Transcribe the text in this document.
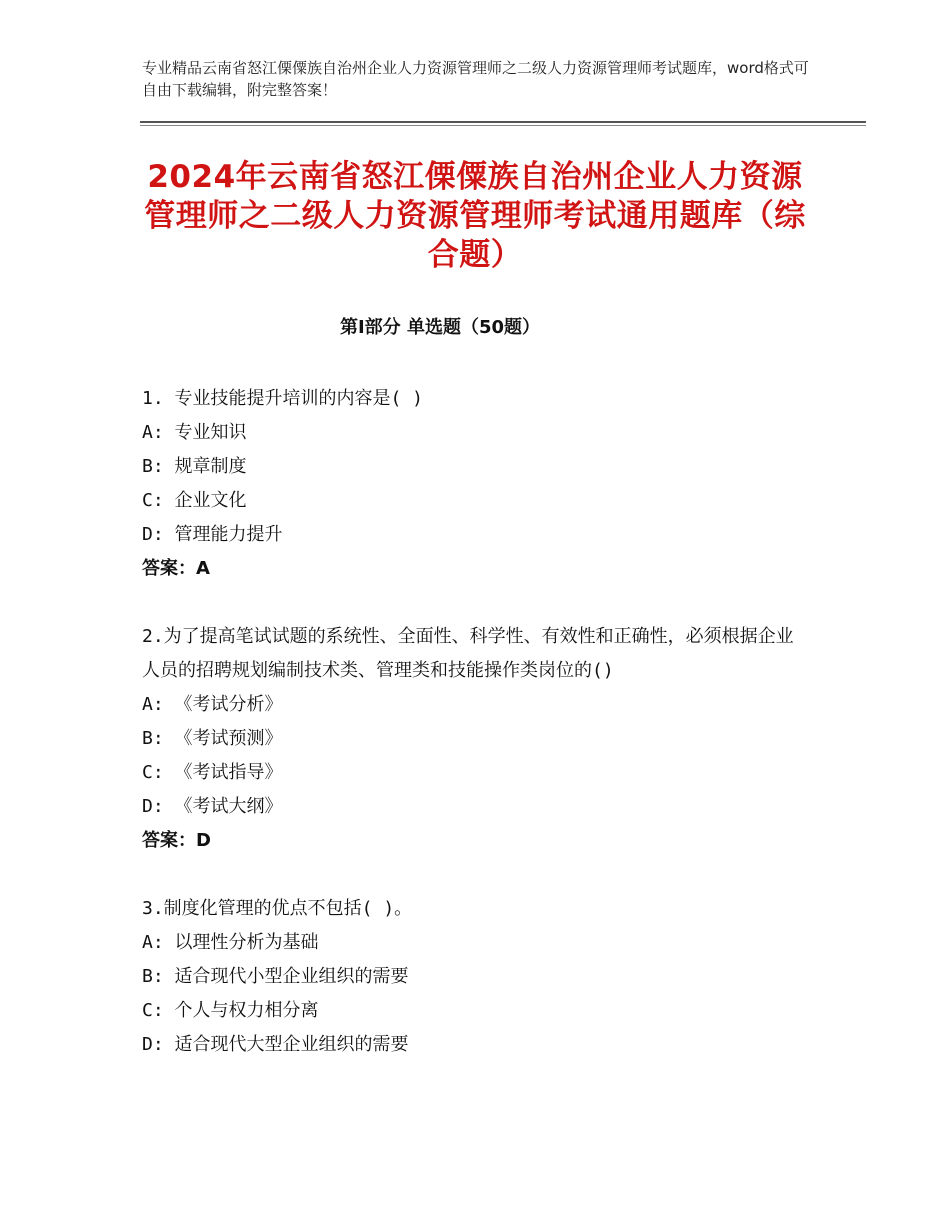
专业精品云南省怒江傈僳族自治州企业人力资源管理师之二级人力资源管理师考试题库，word格式可自由下载编辑，附完整答案！
2024年云南省怒江傈僳族自治州企业人力资源管理师之二级人力资源管理师考试通用题库（综合题）
第Ⅰ部分 单选题（50题）
1. 专业技能提升培训的内容是( )
A: 专业知识
B: 规章制度
C: 企业文化
D: 管理能力提升
答案：A
2.为了提高笔试试题的系统性、全面性、科学性、有效性和正确性，必须根据企业人员的招聘规划编制技术类、管理类和技能操作类岗位的()
A: 《考试分析》
B: 《考试预测》
C: 《考试指导》
D: 《考试大纲》
答案：D
3.制度化管理的优点不包括( )。
A: 以理性分析为基础
B: 适合现代小型企业组织的需要
C: 个人与权力相分离
D: 适合现代大型企业组织的需要
